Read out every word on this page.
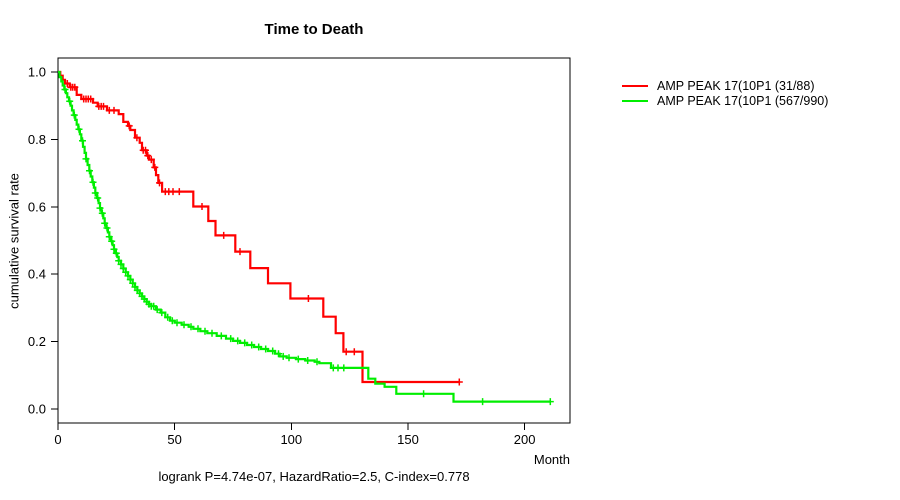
0	50	100	150	200
0.0
0.2
0.4
0.6
0.8
1.0
Time to Death
cumulative survival rate
Month
logrank P=4.74e-07, HazardRatio=2.5, C-index=0.778
AMP PEAK 17(10P1 (31/88)
AMP PEAK 17(10P1 (567/990)
